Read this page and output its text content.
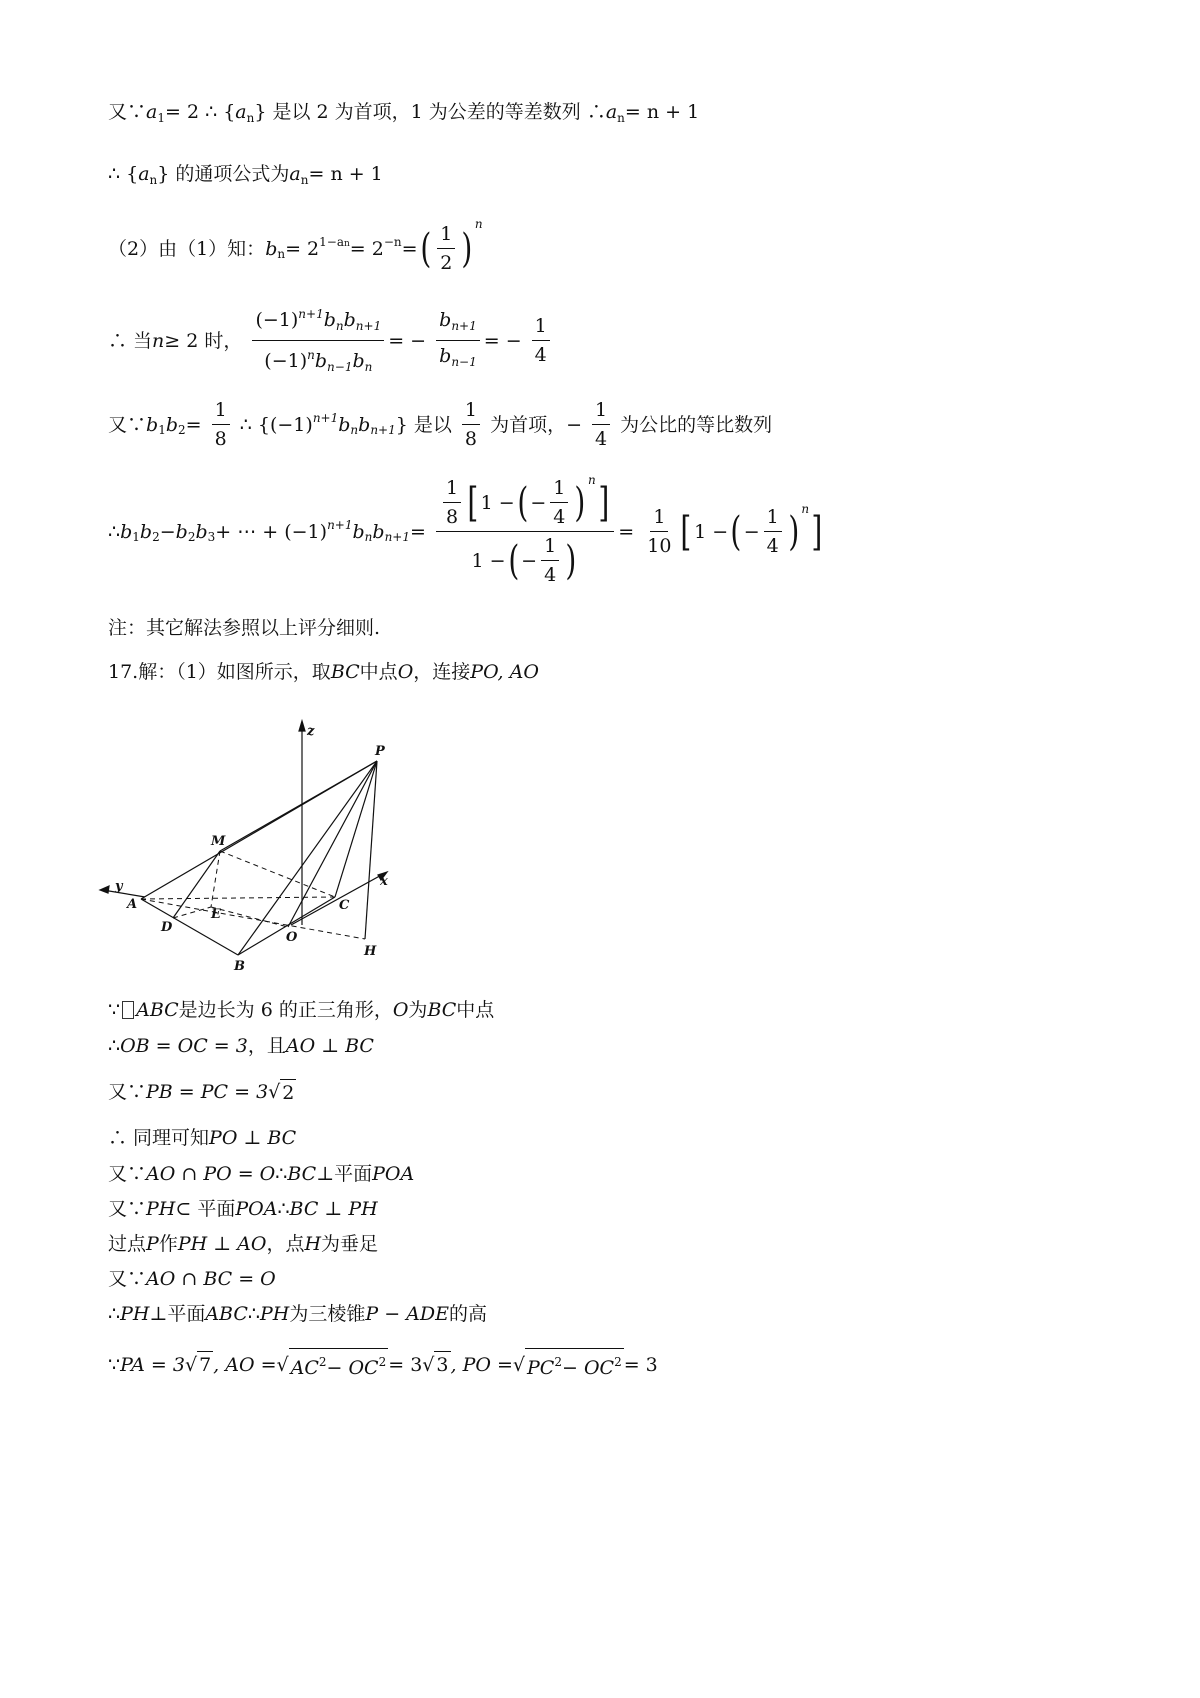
又∵a1= 2 ∴ {an} 是以 2 为首项，1 为公差的等差数列 ∴an= n + 1
∴ {an} 的通项公式为an= n + 1
（2）由（1）知：$bn= 21-an= 2-n=( \frac{1}{2} )n$
∴ 当n≥ 2 时， $\frac{\text{(−1)n+1bnbn+1}}{\text{(−1)nbn−1bn}}$ = − $\frac{bn+1}{bn-1}$ = − $\frac{1}{4}$
又∵b1b2= $\frac{1}{8}$ ∴ {(−1)n+1bnbn+1} 是以 $\frac{1}{8}$ 为首项，− $\frac{1}{4}$ 为公比的等比数列
∴b1b2−b2b3+ ⋯ + (−1)n+1bnbn+1= $\frac{\frac{1}{8} [ 1 -( - \frac{1}{4} ) n]}{1 -( - \frac{1}{4} )} = \frac{1}{10}$ [ 1 −( − $\frac{1}{4}$ ) n]
注：其它解法参照以上评分细则.
17.解：（1）如图所示，取BC中点O，连接PO, AO
z
P
M
y	x
A
E
C
D
O
H
B
∵ ABC是边长为 6 的正三角形，O为BC中点
∴OB = OC = 3，且AO ⊥ BC
又∵PB = PC = 3√ 2
∴ 同理可知PO ⊥ BC
又∵AO ∩ PO = O∴BC⊥平面POA
又∵PH⊂ 平面POA∴BC ⊥ PH
过点P作PH ⊥ AO，点H为垂足
又∵AO ∩ BC = O
∴PH⊥平面ABC∴PH为三棱锥P − ADE的高
∵PA = 3√ 7 , AO =√ AC2− OC2= 3√ 3 , PO =√ PC2− OC2= 3
